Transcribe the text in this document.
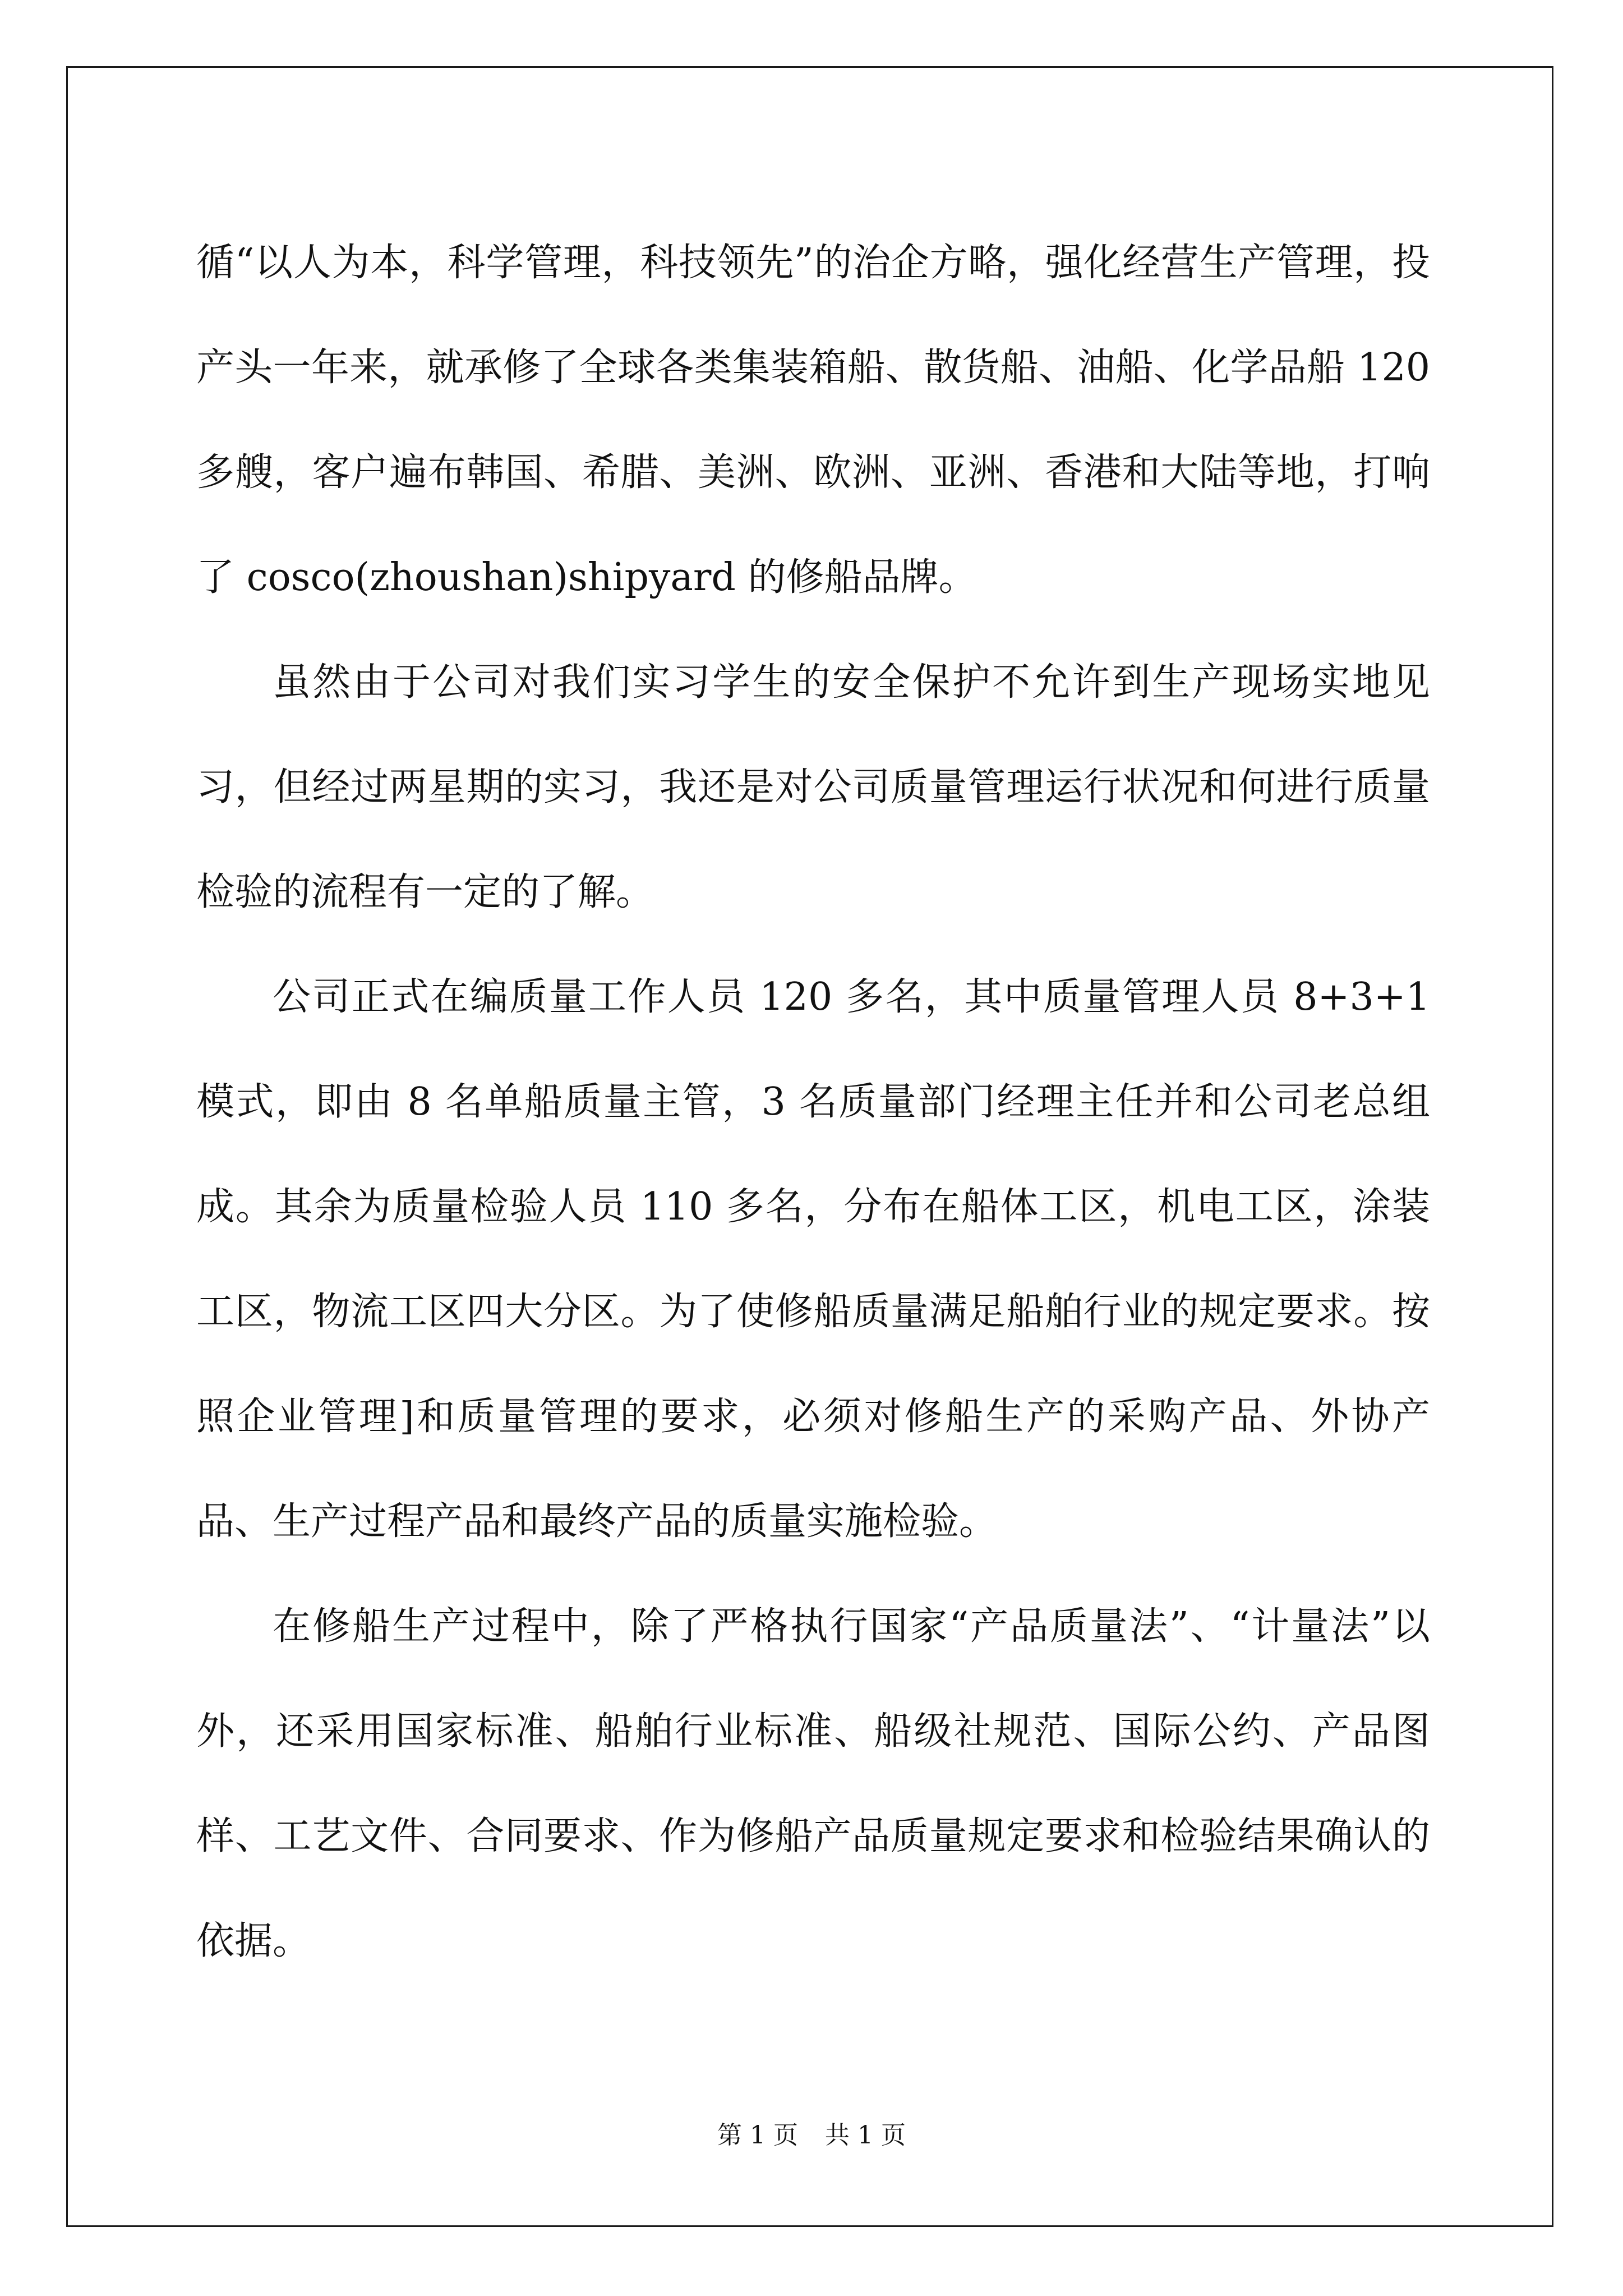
循“以人为本，科学管理，科技领先”的治企方略，强化经营生产管理，投产头一年来，就承修了全球各类集装箱船、散货船、油船、化学品船 120 多艘，客户遍布韩国、希腊、美洲、欧洲、亚洲、香港和大陆等地，打响了 cosco(zhoushan)shipyard 的修船品牌。

虽然由于公司对我们实习学生的安全保护不允许到生产现场实地见习，但经过两星期的实习，我还是对公司质量管理运行状况和何进行质量检验的流程有一定的了解。

公司正式在编质量工作人员 120 多名，其中质量管理人员 8+3+1 模式，即由 8 名单船质量主管，3 名质量部门经理主任并和公司老总组成。其余为质量检验人员 110 多名，分布在船体工区，机电工区，涂装工区，物流工区四大分区。为了使修船质量满足船舶行业的规定要求。按照企业管理]和质量管理的要求，必须对修船生产的采购产品、外协产品、生产过程产品和最终产品的质量实施检验。

在修船生产过程中，除了严格执行国家“产品质量法”、“计量法”以外，还采用国家标准、船舶行业标准、船级社规范、国际公约、产品图样、工艺文件、合同要求、作为修船产品质量规定要求和检验结果确认的依据。

第 1 页 共 1 页
